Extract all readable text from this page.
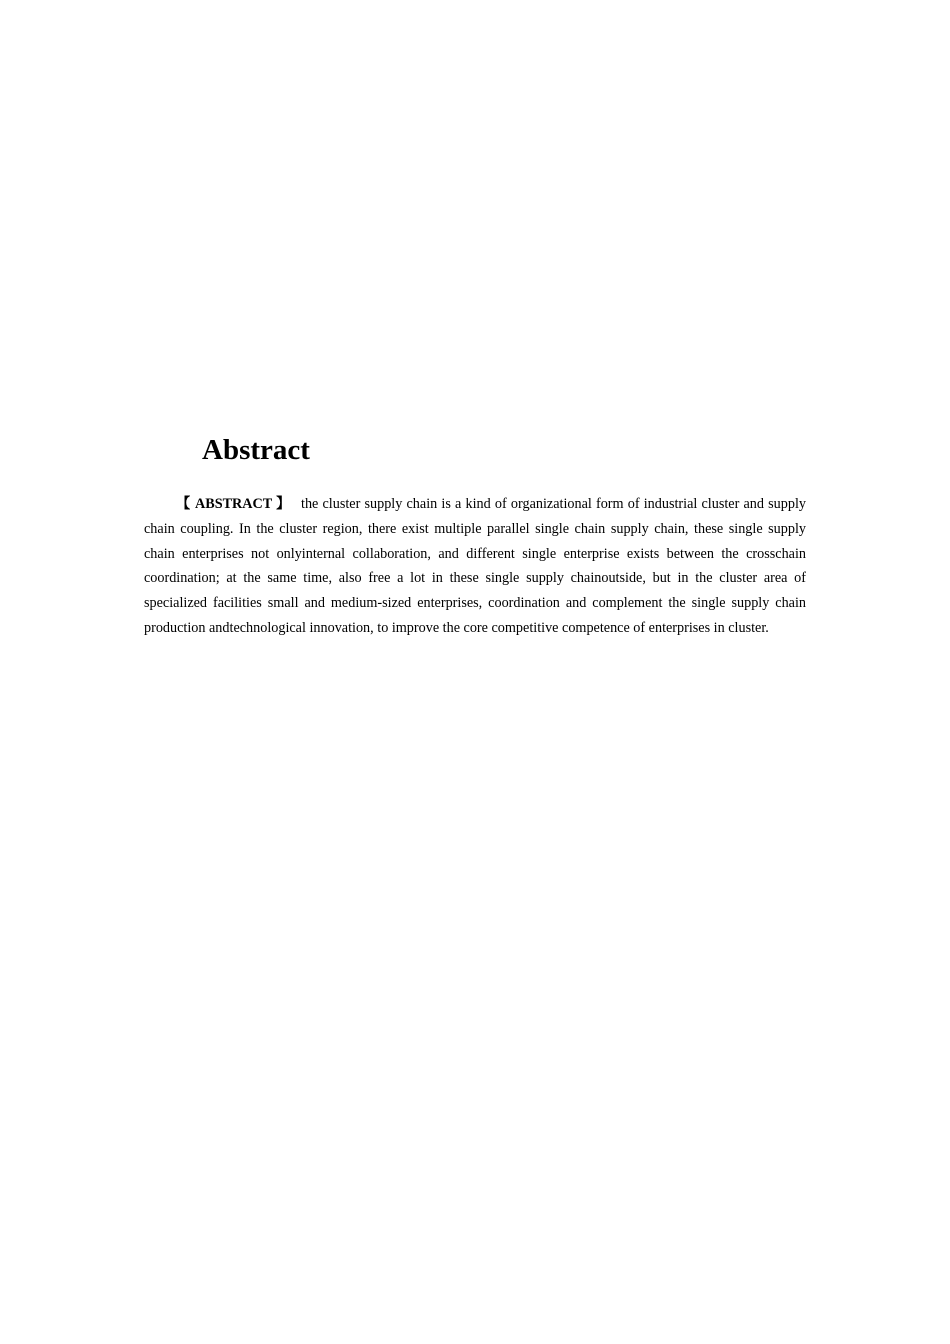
Abstract

【 ABSTRACT 】 the cluster supply chain is a kind of organizational form of industrial cluster and supply chain coupling. In the cluster region, there exist multiple parallel single chain supply chain, these single supply chain enterprises not onlyinternal collaboration, and different single enterprise exists between the crosschain coordination; at the same time, also free a lot in these single supply chainoutside, but in the cluster area of specialized facilities small and medium-sized enterprises, coordination and complement the single supply chain production andtechnological innovation, to improve the core competitive competence of enterprises in cluster.
